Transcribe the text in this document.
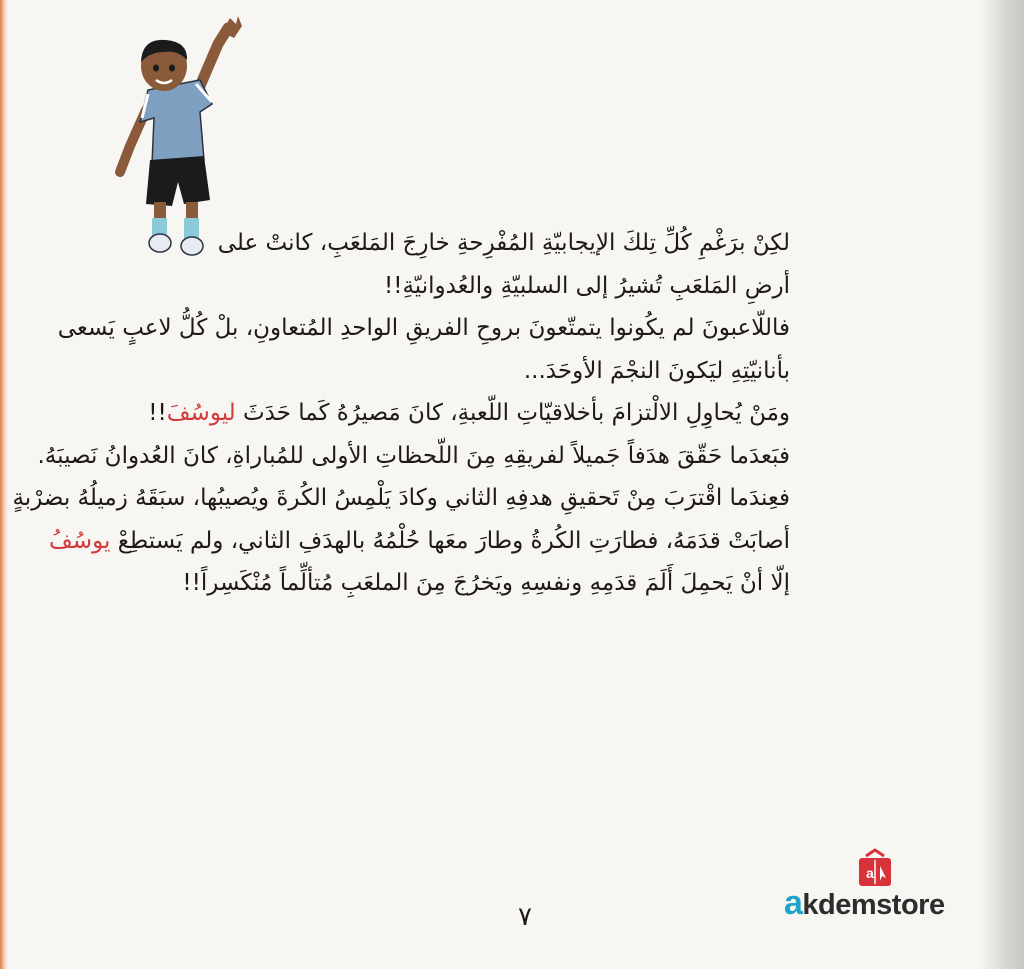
لكِنْ برَغْمِ كُلِّ تِلكَ الإيجابيّةِ المُفْرِحةِ خارِجَ المَلعَبِ، كانتْ على
أرضِ المَلعَبِ تُشيرُ إلى السلبيّةِ والعُدوانيّةِ!!
فاللّاعبونَ لم يكُونوا يتمتّعونَ بروحِ الفريقِ الواحدِ المُتعاونِ، بلْ كُلُّ لاعبٍ يَسعى
بأنانيّتِهِ ليَكونَ النجْمَ الأوحَدَ...
ومَنْ يُحاوِلِ الالْتزامَ بأخلاقيّاتِ اللّعبةِ، كانَ مَصيرُهُ كَما حَدَثَ ليوسُفَ!!
فبَعدَما حَقّقَ هدَفاً جَميلاً لفريقِهِ مِنَ اللّحظاتِ الأولى للمُباراةِ، كانَ العُدوانُ نَصيبَهُ.
فعِندَما اقْترَبَ مِنْ تَحقيقِ هدفِهِ الثاني وكادَ يَلْمِسُ الكُرةَ ويُصيبُها، سبَقَهُ زميلُهُ بضرْبةٍ
أصابَتْ قدَمَهُ، فطارَتِ الكُرةُ وطارَ معَها حُلْمُهُ بالهدَفِ الثاني، ولم يَستطِعْ يوسُفُ
إلّا أنْ يَحمِلَ أَلَمَ قدَمِهِ ونفسِهِ ويَخرُجَ مِنَ الملعَبِ مُتألِّماً مُنْكَسِراً!!
٧
a
akdemstore
